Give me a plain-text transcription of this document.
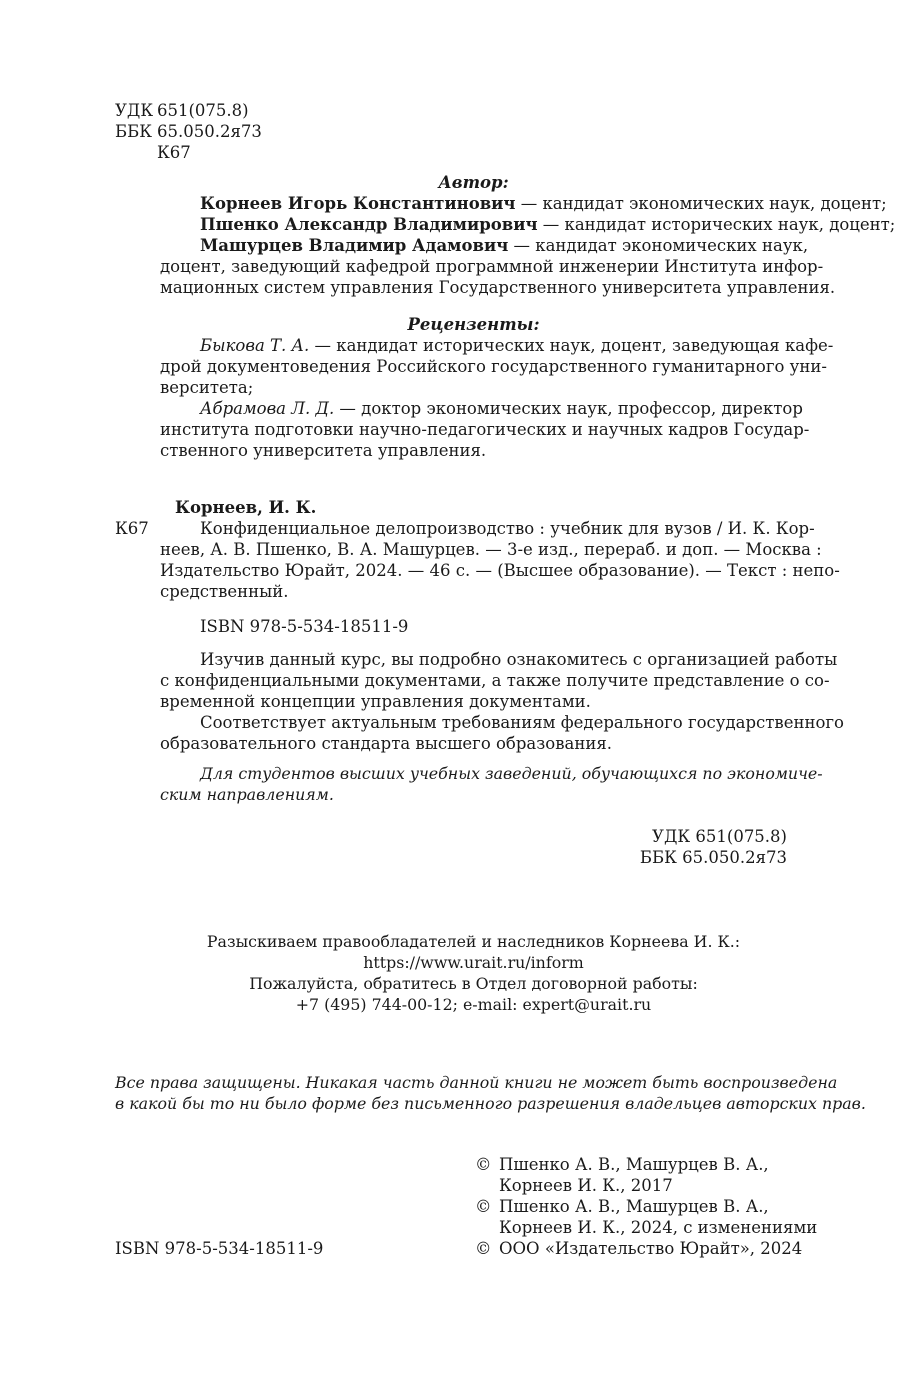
УДК 651(075.8)
ББК 65.050.2я73
К67
Автор:
Корнеев Игорь Константинович — кандидат экономических наук, доцент;
Пшенко Александр Владимирович — кандидат исторических наук, доцент;
Машурцев Владимир Адамович — кандидат экономических наук,
доцент, заведующий кафедрой программной инженерии Института инфор-
мационных систем управления Государственного университета управления.
Рецензенты:
Быкова Т. А. — кандидат исторических наук, доцент, заведующая кафе-
дрой документоведения Российского государственного гуманитарного уни-
верситета;
Абрамова Л. Д. — доктор экономических наук, профессор, директор
института подготовки научно-педагогических и научных кадров Государ-
ственного университета управления.
Корнеев, И. К.
К67	Конфиденциальное делопроизводство : учебник для вузов / И. К. Кор-
неев, А. В. Пшенко, В. А. Машурцев. — 3-е изд., перераб. и доп. — Москва :
Издательство Юрайт, 2024. — 46 с. — (Высшее образование). — Текст : непо-
средственный.
ISBN 978-5-534-18511-9
Изучив данный курс, вы подробно ознакомитесь с организацией работы
с конфиденциальными документами, а также получите представление о со-
временной концепции управления документами.
Соответствует актуальным требованиям федерального государственного
образовательного стандарта высшего образования.
Для студентов высших учебных заведений, обучающихся по экономиче-
ским направлениям.
УДК 651(075.8)
ББК 65.050.2я73
Разыскиваем правообладателей и наследников Корнеева И. К.:
https://www.urait.ru/inform
Пожалуйста, обратитесь в Отдел договорной работы:
+7 (495) 744-00-12; e-mail: expert@urait.ru
Все права защищены. Никакая часть данной книги не может быть воспроизведена
в какой бы то ни было форме без письменного разрешения владельцев авторских прав.
© Пшенко А. В., Машурцев В. А.,
Корнеев И. К., 2017
© Пшенко А. В., Машурцев В. А.,
Корнеев И. К., 2024, с изменениями
© ООО «Издательство Юрайт», 2024
ISBN 978-5-534-18511-9
